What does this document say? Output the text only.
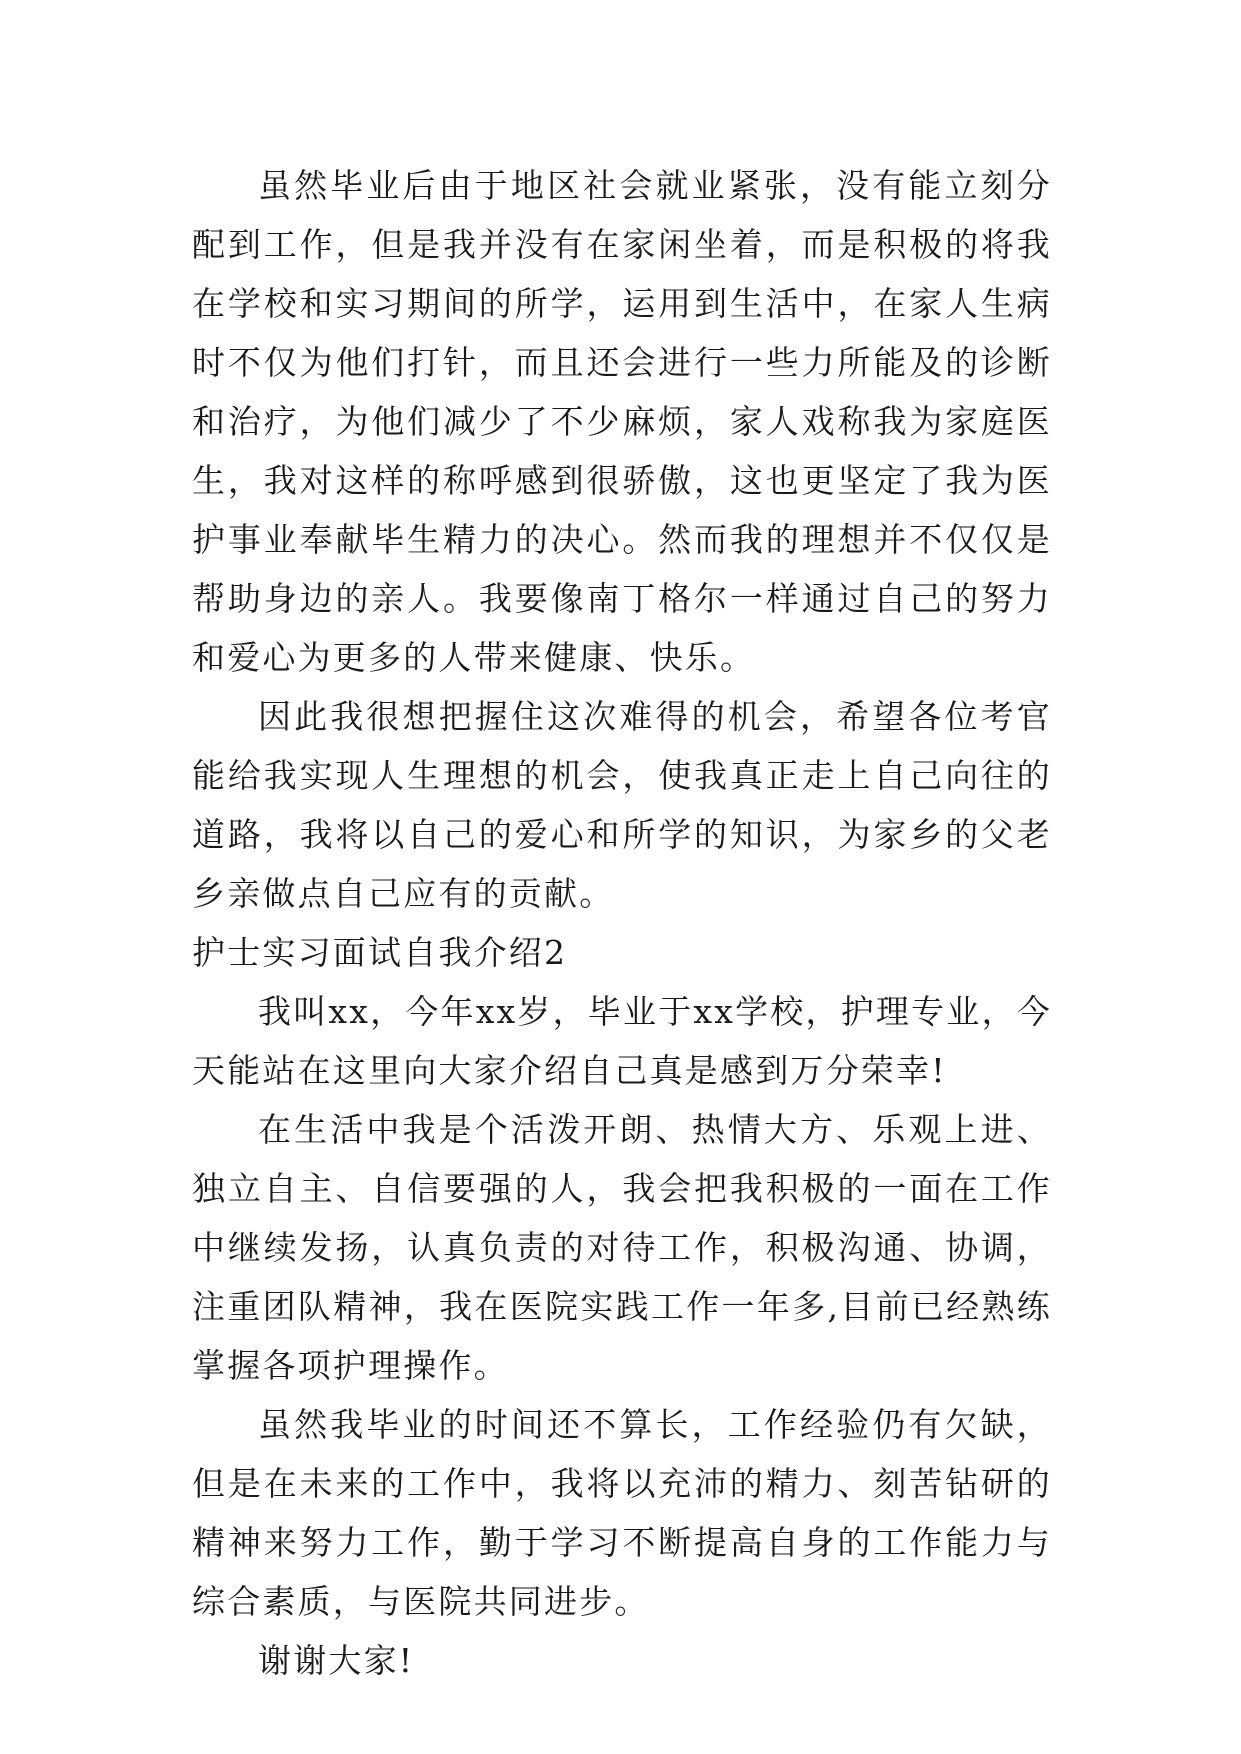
虽然毕业后由于地区社会就业紧张，没有能立刻分配到工作，但是我并没有在家闲坐着，而是积极的将我在学校和实习期间的所学，运用到生活中，在家人生病时不仅为他们打针，而且还会进行一些力所能及的诊断和治疗，为他们减少了不少麻烦，家人戏称我为家庭医生，我对这样的称呼感到很骄傲，这也更坚定了我为医护事业奉献毕生精力的决心。然而我的理想并不仅仅是帮助身边的亲人。我要像南丁格尔一样通过自己的努力和爱心为更多的人带来健康、快乐。

因此我很想把握住这次难得的机会，希望各位考官能给我实现人生理想的机会，使我真正走上自己向往的道路，我将以自己的爱心和所学的知识，为家乡的父老乡亲做点自己应有的贡献。

护士实习面试自我介绍2

我叫xx，今年xx岁，毕业于xx学校，护理专业，今天能站在这里向大家介绍自己真是感到万分荣幸!

在生活中我是个活泼开朗、热情大方、乐观上进、独立自主、自信要强的人，我会把我积极的一面在工作中继续发扬，认真负责的对待工作，积极沟通、协调，注重团队精神，我在医院实践工作一年多,目前已经熟练掌握各项护理操作。

虽然我毕业的时间还不算长，工作经验仍有欠缺，但是在未来的工作中，我将以充沛的精力、刻苦钻研的精神来努力工作，勤于学习不断提高自身的工作能力与综合素质，与医院共同进步。

谢谢大家!
